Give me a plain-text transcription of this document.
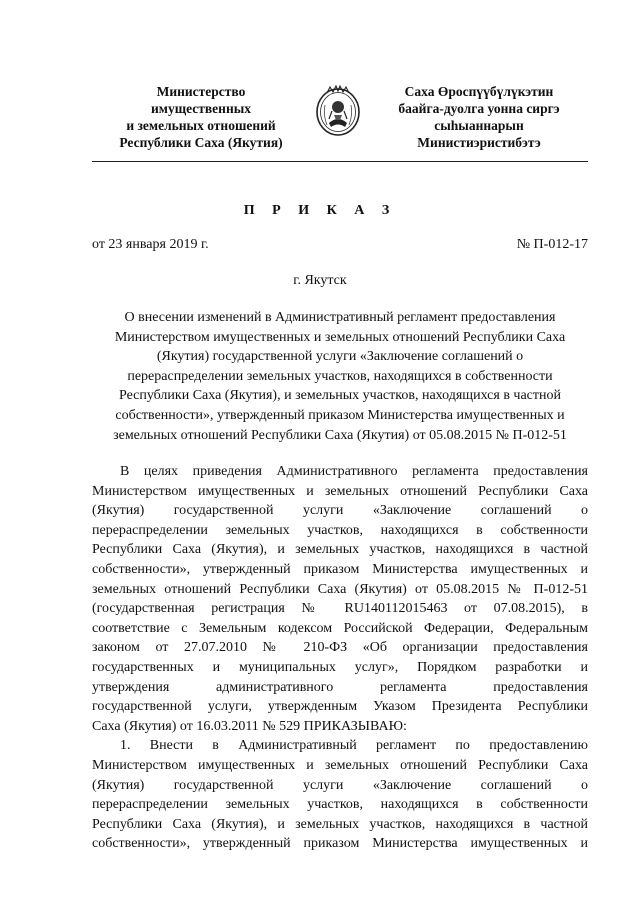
Министерство
имущественных
и земельных отношений
Республики Саха (Якутия)
Саха Өроспүүбүлүкэтин
баайга-дуолга уонна сиргэ
сыһыаннарын
Министиэристибэтэ
П Р И К А З
от 23 января 2019 г.	№ П-012-17
г. Якутск
О внесении изменений в Административный регламент предоставления
Министерством имущественных и земельных отношений Республики Саха
(Якутия) государственной услуги «Заключение соглашений о
перераспределении земельных участков, находящихся в собственности
Республики Саха (Якутия), и земельных участков, находящихся в частной
собственности», утвержденный приказом Министерства имущественных и
земельных отношений Республики Саха (Якутия) от 05.08.2015 № П-012-51
В целях приведения Административного регламента предоставления
Министерством имущественных и земельных отношений Республики Саха
(Якутия) государственной услуги «Заключение соглашений о
перераспределении земельных участков, находящихся в собственности
Республики Саха (Якутия), и земельных участков, находящихся в частной
собственности», утвержденный приказом Министерства имущественных и
земельных отношений Республики Саха (Якутия) от 05.08.2015 № П-012-51
(государственная регистрация № RU140112015463 от 07.08.2015), в
соответствие с Земельным кодексом Российской Федерации, Федеральным
законом от 27.07.2010 № 210-ФЗ «Об организации предоставления
государственных и муниципальных услуг», Порядком разработки и
утверждения административного регламента предоставления
государственной услуги, утвержденным Указом Президента Республики
Саха (Якутия) от 16.03.2011 № 529 ПРИКАЗЫВАЮ:
1. Внести в Административный регламент по предоставлению
Министерством имущественных и земельных отношений Республики Саха
(Якутия) государственной услуги «Заключение соглашений о
перераспределении земельных участков, находящихся в собственности
Республики Саха (Якутия), и земельных участков, находящихся в частной
собственности», утвержденный приказом Министерства имущественных и
